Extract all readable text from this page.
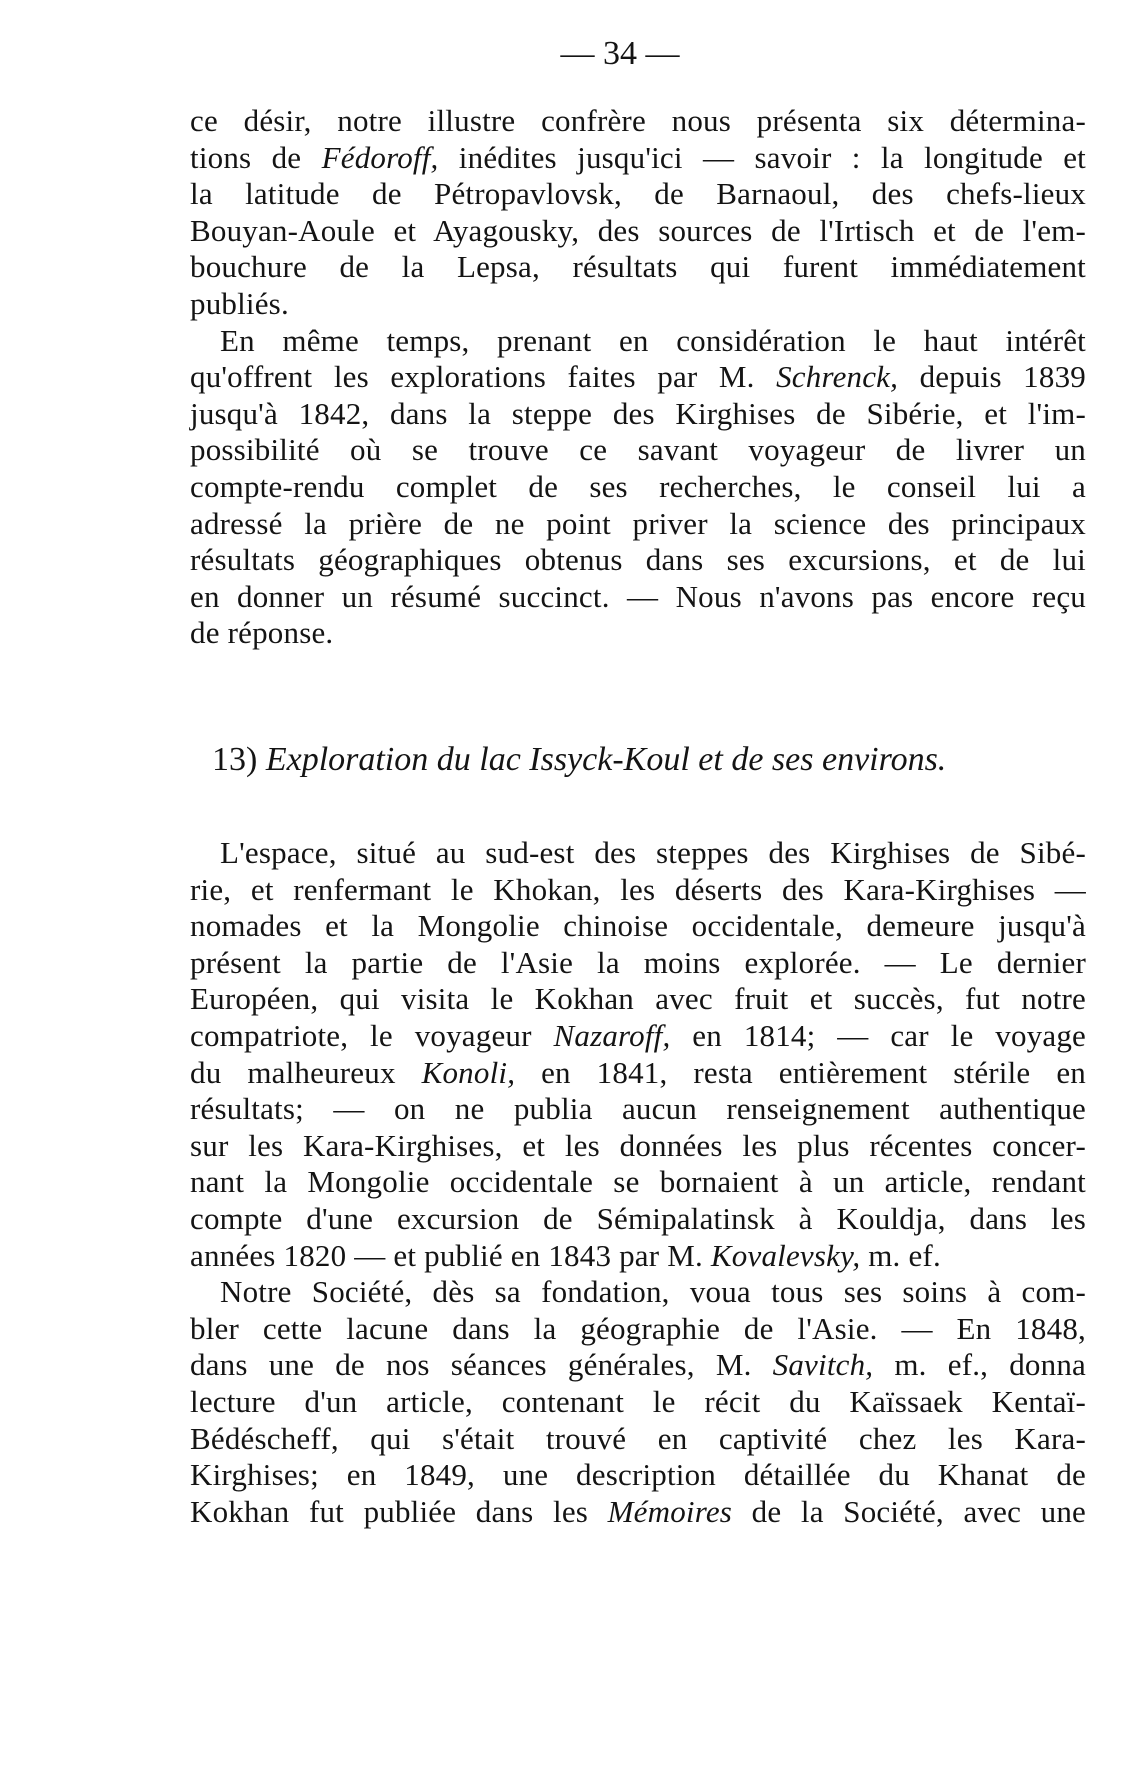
— 34 —
ce désir, notre illustre confrère nous présenta six détermina-
tions de Fédoroff, inédites jusqu'ici — savoir : la longitude et
la latitude de Pétropavlovsk, de Barnaoul, des chefs-lieux
Bouyan-Aoule et Ayagousky, des sources de l'Irtisch et de l'em-
bouchure de la Lepsa, résultats qui furent immédiatement
publiés.
En même temps, prenant en considération le haut intérêt
qu'offrent les explorations faites par M. Schrenck, depuis 1839
jusqu'à 1842, dans la steppe des Kirghises de Sibérie, et l'im-
possibilité où se trouve ce savant voyageur de livrer un
compte-rendu complet de ses recherches, le conseil lui a
adressé la prière de ne point priver la science des principaux
résultats géographiques obtenus dans ses excursions, et de lui
en donner un résumé succinct. — Nous n'avons pas encore reçu
de réponse.
13) Exploration du lac Issyck-Koul et de ses environs.
L'espace, situé au sud-est des steppes des Kirghises de Sibé-
rie, et renfermant le Khokan, les déserts des Kara-Kirghises —
nomades et la Mongolie chinoise occidentale, demeure jusqu'à
présent la partie de l'Asie la moins explorée. — Le dernier
Européen, qui visita le Kokhan avec fruit et succès, fut notre
compatriote, le voyageur Nazaroff, en 1814; — car le voyage
du malheureux Konoli, en 1841, resta entièrement stérile en
résultats; — on ne publia aucun renseignement authentique
sur les Kara-Kirghises, et les données les plus récentes concer-
nant la Mongolie occidentale se bornaient à un article, rendant
compte d'une excursion de Sémipalatinsk à Kouldja, dans les
années 1820 — et publié en 1843 par M. Kovalevsky, m. ef.
Notre Société, dès sa fondation, voua tous ses soins à com-
bler cette lacune dans la géographie de l'Asie. — En 1848,
dans une de nos séances générales, M. Savitch, m. ef., donna
lecture d'un article, contenant le récit du Kaïssaek Kentaï-
Bédéscheff, qui s'était trouvé en captivité chez les Kara-
Kirghises; en 1849, une description détaillée du Khanat de
Kokhan fut publiée dans les Mémoires de la Société, avec une
